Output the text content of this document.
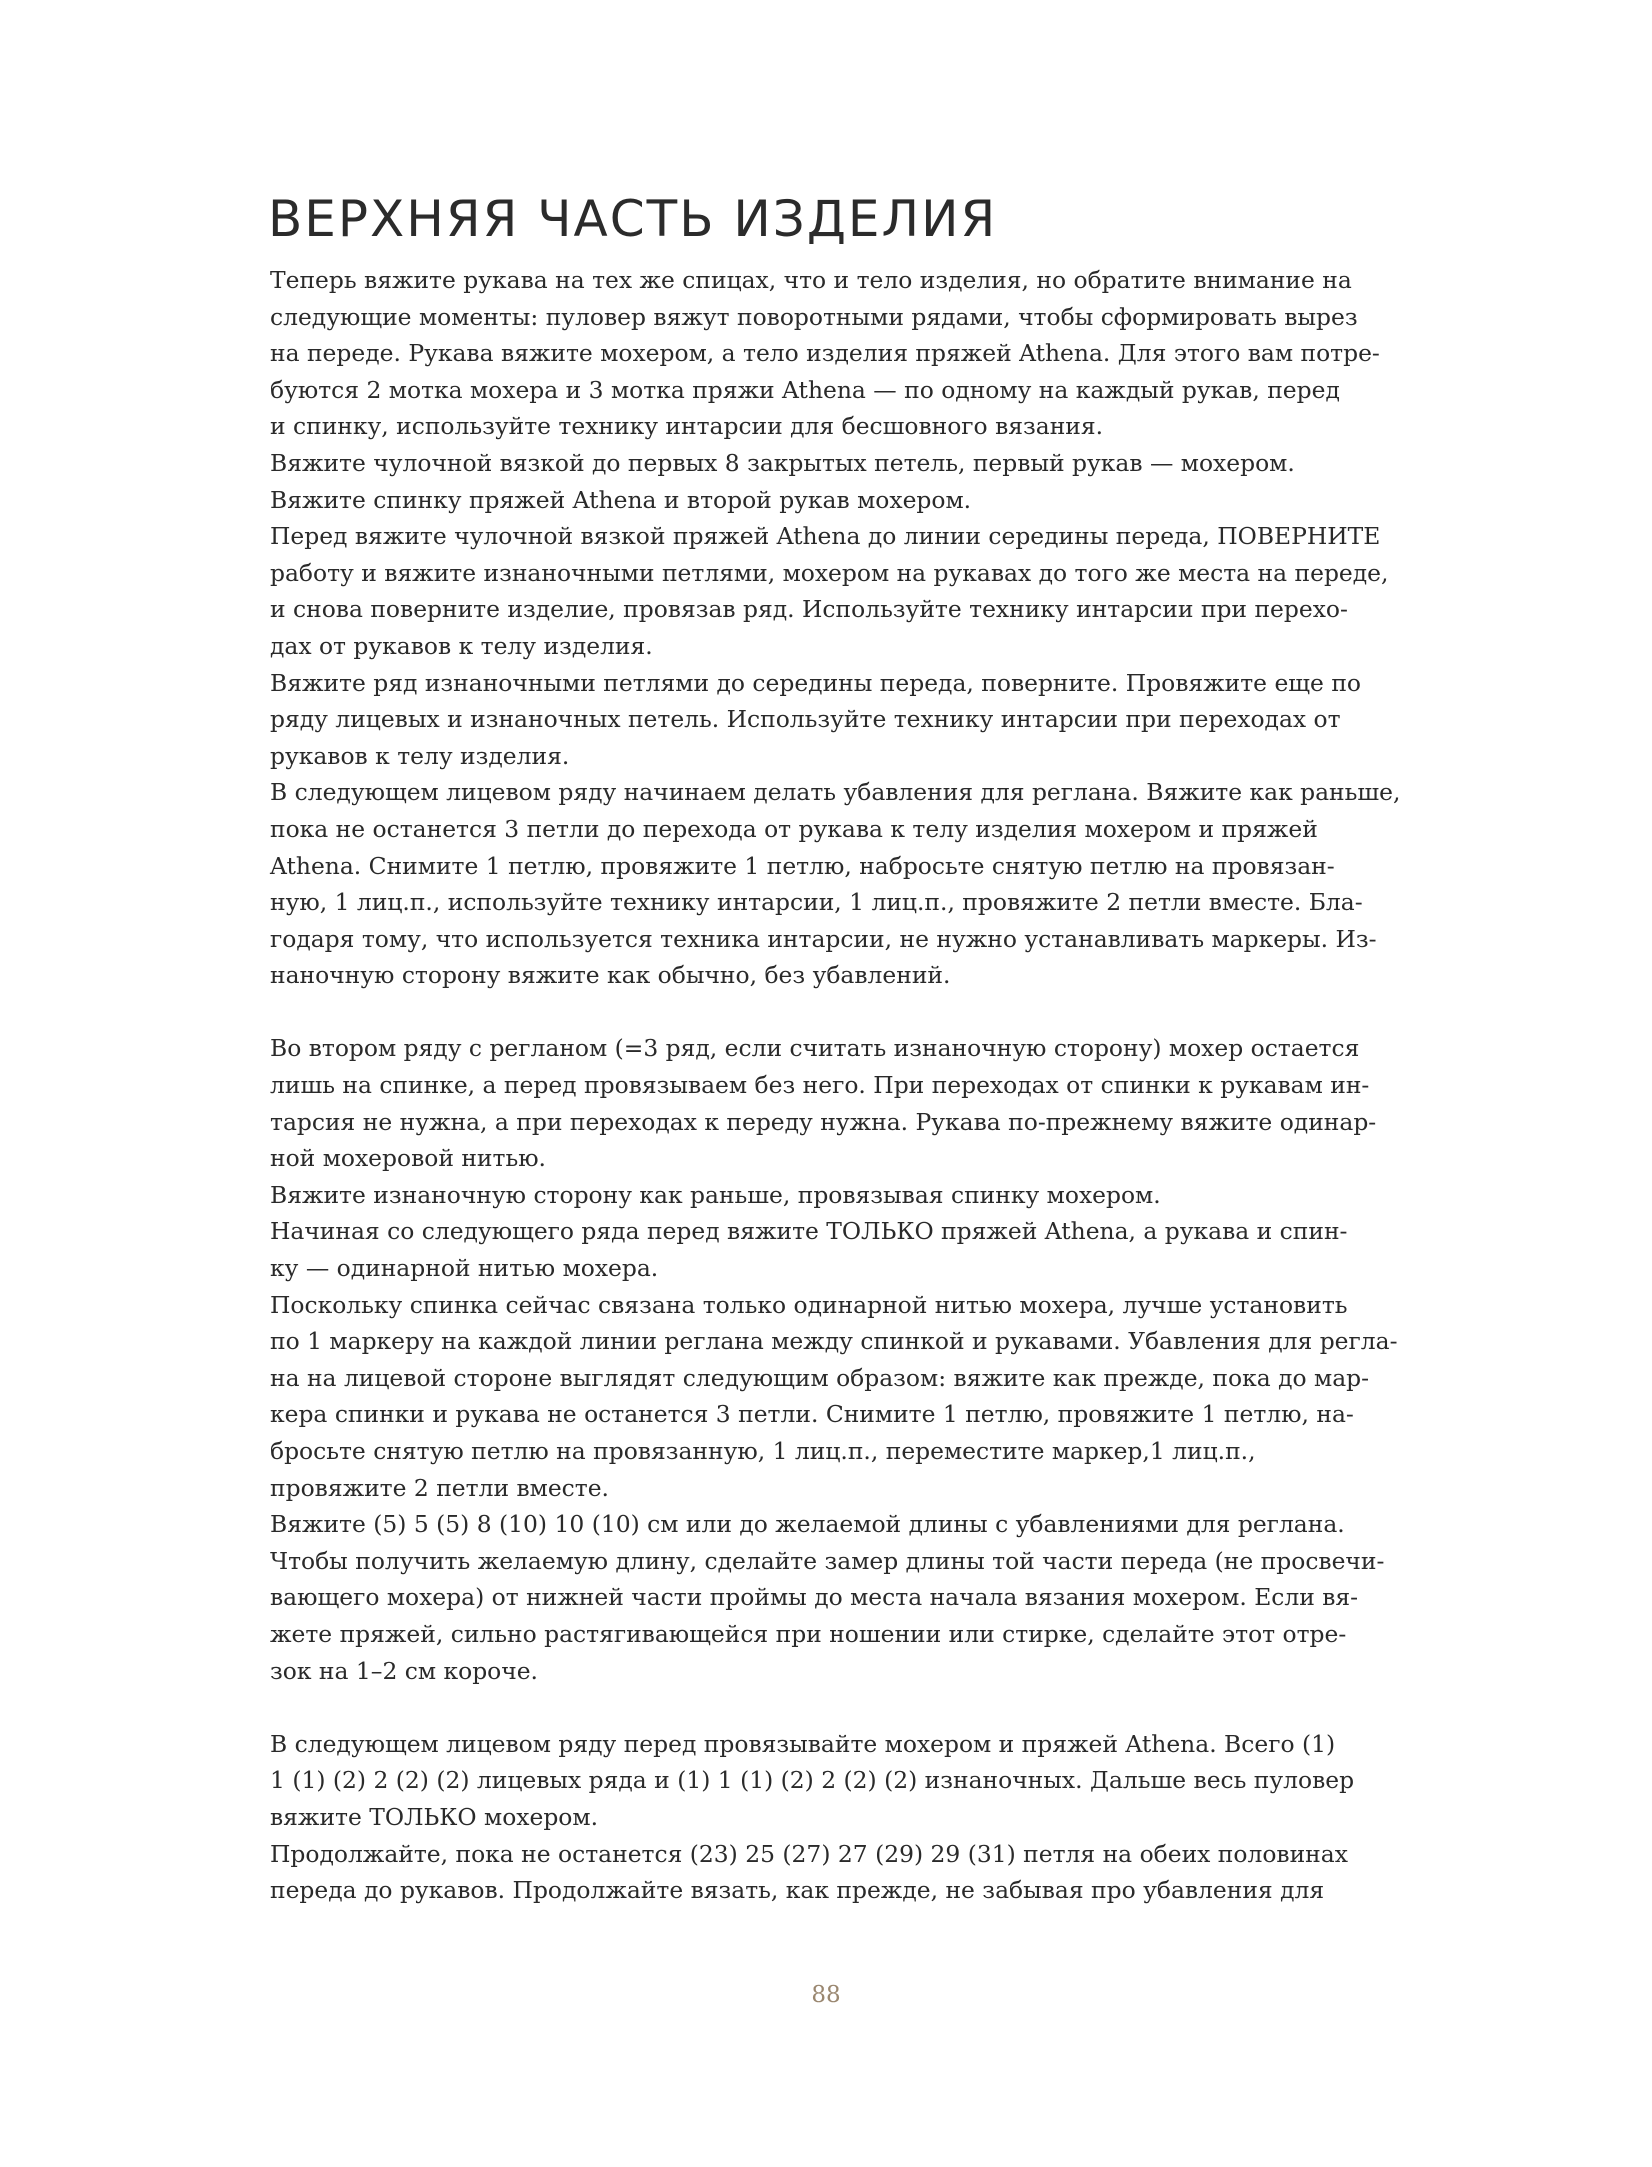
ВЕРХНЯЯ ЧАСТЬ ИЗДЕЛИЯ
Теперь вяжите рукава на тех же спицах, что и тело изделия, но обратите внимание на
следующие моменты: пуловер вяжут поворотными рядами, чтобы сформировать вырез
на переде. Рукава вяжите мохером, а тело изделия пряжей Athena. Для этого вам потре-
буются 2 мотка мохера и 3 мотка пряжи Athena — по одному на каждый рукав, перед
и спинку, используйте технику интарсии для бесшовного вязания.
Вяжите чулочной вязкой до первых 8 закрытых петель, первый рукав — мохером.
Вяжите спинку пряжей Athena и второй рукав мохером.
Перед вяжите чулочной вязкой пряжей Athena до линии середины переда, ПОВЕРНИТЕ
работу и вяжите изнаночными петлями, мохером на рукавах до того же места на переде,
и снова поверните изделие, провязав ряд. Используйте технику интарсии при перехо-
дах от рукавов к телу изделия.
Вяжите ряд изнаночными петлями до середины переда, поверните. Провяжите еще по
ряду лицевых и изнаночных петель. Используйте технику интарсии при переходах от
рукавов к телу изделия.
В следующем лицевом ряду начинаем делать убавления для реглана. Вяжите как раньше,
пока не останется 3 петли до перехода от рукава к телу изделия мохером и пряжей
Athena. Снимите 1 петлю, провяжите 1 петлю, набросьте снятую петлю на провязан-
ную, 1 лиц.п., используйте технику интарсии, 1 лиц.п., провяжите 2 петли вместе. Бла-
годаря тому, что используется техника интарсии, не нужно устанавливать маркеры. Из-
наночную сторону вяжите как обычно, без убавлений.
Во втором ряду с регланом (=3 ряд, если считать изнаночную сторону) мохер остается
лишь на спинке, а перед провязываем без него. При переходах от спинки к рукавам ин-
тарсия не нужна, а при переходах к переду нужна. Рукава по-прежнему вяжите одинар-
ной мохеровой нитью.
Вяжите изнаночную сторону как раньше, провязывая спинку мохером.
Начиная со следующего ряда перед вяжите ТОЛЬКО пряжей Athena, а рукава и спин-
ку — одинарной нитью мохера.
Поскольку спинка сейчас связана только одинарной нитью мохера, лучше установить
по 1 маркеру на каждой линии реглана между спинкой и рукавами. Убавления для регла-
на на лицевой стороне выглядят следующим образом: вяжите как прежде, пока до мар-
кера спинки и рукава не останется 3 петли. Снимите 1 петлю, провяжите 1 петлю, на-
бросьте снятую петлю на провязанную, 1 лиц.п., переместите маркер,1 лиц.п.,
провяжите 2 петли вместе.
Вяжите (5) 5 (5) 8 (10) 10 (10) см или до желаемой длины с убавлениями для реглана.
Чтобы получить желаемую длину, сделайте замер длины той части переда (не просвечи-
вающего мохера) от нижней части проймы до места начала вязания мохером. Если вя-
жете пряжей, сильно растягивающейся при ношении или стирке, сделайте этот отре-
зок на 1–2 см короче.
В следующем лицевом ряду перед провязывайте мохером и пряжей Athena. Всего (1)
1 (1) (2) 2 (2) (2) лицевых ряда и (1) 1 (1) (2) 2 (2) (2) изнаночных. Дальше весь пуловер
вяжите ТОЛЬКО мохером.
Продолжайте, пока не останется (23) 25 (27) 27 (29) 29 (31) петля на обеих половинах
переда до рукавов. Продолжайте вязать, как прежде, не забывая про убавления для
88
